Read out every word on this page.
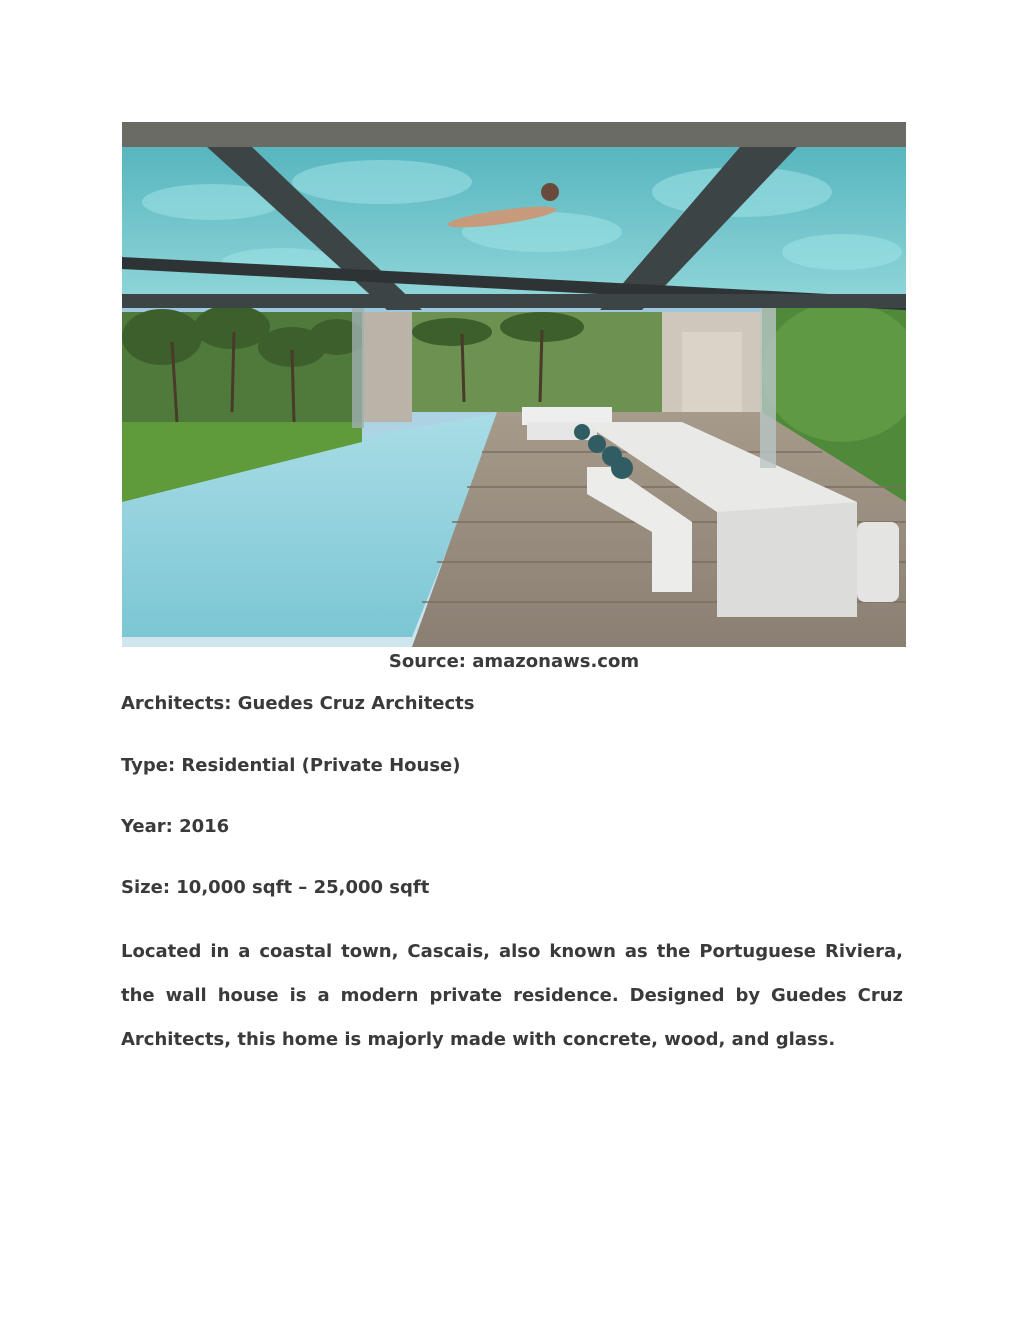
Source: amazonaws.com
Architects: Guedes Cruz Architects
Type: Residential (Private House)
Year: 2016
Size: 10,000 sqft – 25,000 sqft

Located in a coastal town, Cascais, also known as the Portuguese Riviera, the wall house is a modern private residence. Designed by Guedes Cruz Architects, this home is majorly made with concrete, wood, and glass.
